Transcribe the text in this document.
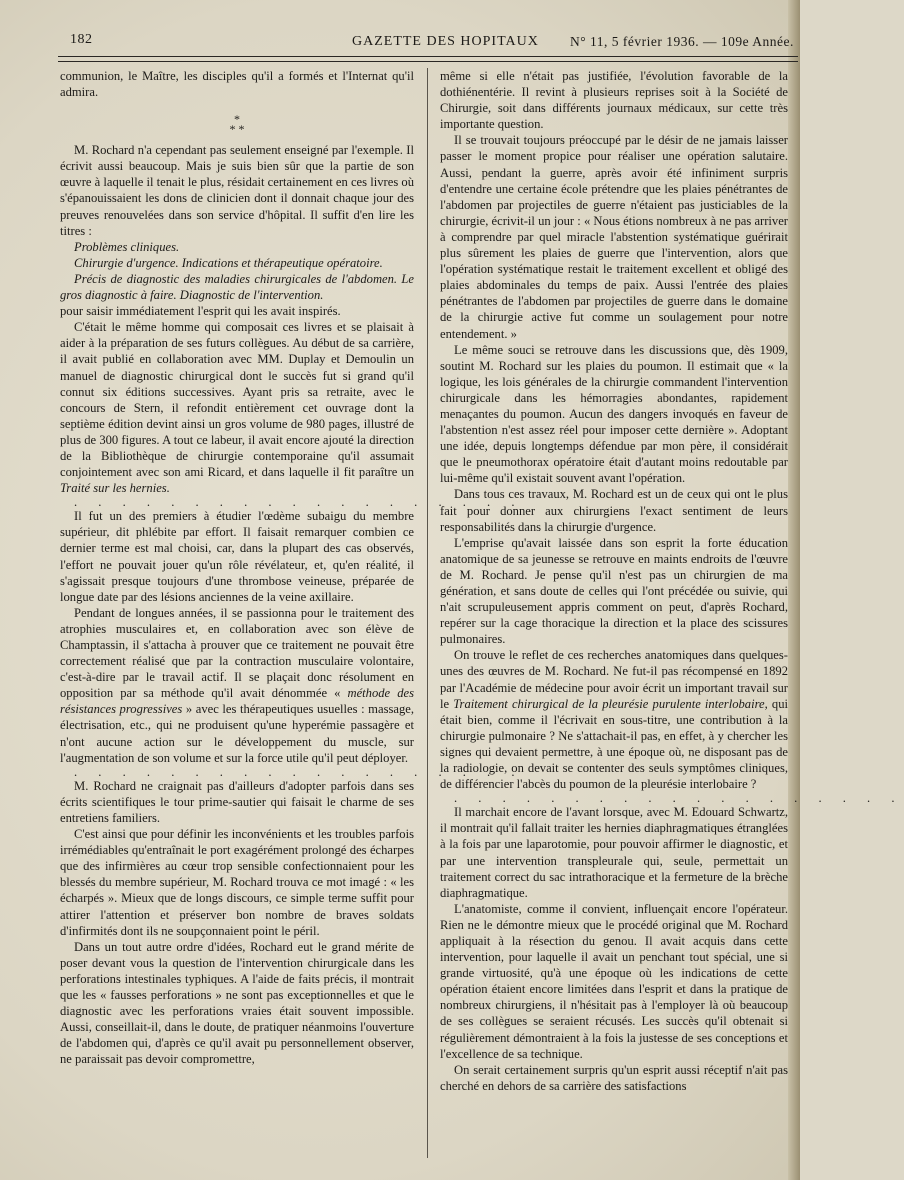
182	GAZETTE DES HOPITAUX N° 11, 5 février 1936. — 109e Année.

communion, le Maître, les disciples qu'il a formés et l'Internat qu'il admira.

*
* *

M. Rochard n'a cependant pas seulement enseigné par l'exemple. Il écrivit aussi beaucoup. Mais je suis bien sûr que la partie de son œuvre à laquelle il tenait le plus, résidait certainement en ces livres où s'épanouissaient les dons de clinicien dont il donnait chaque jour des preuves renouvelées dans son service d'hôpital. Il suffit d'en lire les titres :

Problèmes cliniques.

Chirurgie d'urgence. Indications et thérapeutique opératoire.

Précis de diagnostic des maladies chirurgicales de l'abdomen. Le gros diagnostic à faire. Diagnostic de l'intervention.

pour saisir immédiatement l'esprit qui les avait inspirés.

C'était le même homme qui composait ces livres et se plaisait à aider à la préparation de ses futurs collègues. Au début de sa carrière, il avait publié en collaboration avec MM. Duplay et Demoulin un manuel de diagnostic chirurgical dont le succès fut si grand qu'il connut six éditions successives. Ayant pris sa retraite, avec le concours de Stern, il refondit entièrement cet ouvrage dont la septième édition devint ainsi un gros volume de 980 pages, illustré de plus de 300 figures. A tout ce labeur, il avait encore ajouté la direction de la Bibliothèque de chirurgie contemporaine qu'il assumait conjointement avec son ami Ricard, et dans laquelle il fit paraître un Traité sur les hernies.

. . . . . . . . . . . . . . . . . . .

Il fut un des premiers à étudier l'œdème subaigu du membre supérieur, dit phlébite par effort. Il faisait remarquer combien ce dernier terme est mal choisi, car, dans la plupart des cas observés, l'effort ne pouvait jouer qu'un rôle révélateur, et, qu'en réalité, il s'agissait presque toujours d'une thrombose veineuse, préparée de longue date par des lésions anciennes de la veine axillaire.

Pendant de longues années, il se passionna pour le traitement des atrophies musculaires et, en collaboration avec son élève de Champtassin, il s'attacha à prouver que ce traitement ne pouvait être correctement réalisé que par la contraction musculaire volontaire, c'est-à-dire par le travail actif. Il se plaçait donc résolument en opposition par sa méthode qu'il avait dénommée « méthode des résistances progressives » avec les thérapeutiques usuelles : massage, électrisation, etc., qui ne produisent qu'une hyperémie passagère et n'ont aucune action sur le développement du muscle, sur l'augmentation de son volume et sur la force utile qu'il peut déployer.

. . . . . . . . . . . . . . . . . . .

M. Rochard ne craignait pas d'ailleurs d'adopter parfois dans ses écrits scientifiques le tour prime-sautier qui faisait le charme de ses entretiens familiers.

C'est ainsi que pour définir les inconvénients et les troubles parfois irrémédiables qu'entraînait le port exagérément prolongé des écharpes que des infirmières au cœur trop sensible confectionnaient pour les blessés du membre supérieur, M. Rochard trouva ce mot imagé : « les écharpés ». Mieux que de longs discours, ce simple terme suffit pour attirer l'attention et préserver bon nombre de braves soldats d'infirmités dont ils ne soupçonnaient point le péril.

Dans un tout autre ordre d'idées, Rochard eut le grand mérite de poser devant vous la question de l'intervention chirurgicale dans les perforations intestinales typhiques. A l'aide de faits précis, il montrait que les « fausses perforations » ne sont pas exceptionnelles et que le diagnostic avec les perforations vraies était souvent impossible. Aussi, conseillait-il, dans le doute, de pratiquer néanmoins l'ouverture de l'abdomen qui, d'après ce qu'il avait pu personnellement observer, ne paraissait pas devoir compromettre,

même si elle n'était pas justifiée, l'évolution favorable de la dothiénentérie. Il revint à plusieurs reprises soit à la Société de Chirurgie, soit dans différents journaux médicaux, sur cette très importante question.

Il se trouvait toujours préoccupé par le désir de ne jamais laisser passer le moment propice pour réaliser une opération salutaire. Aussi, pendant la guerre, après avoir été infiniment surpris d'entendre une certaine école prétendre que les plaies pénétrantes de l'abdomen par projectiles de guerre n'étaient pas justiciables de la chirurgie, écrivit-il un jour : « Nous étions nombreux à ne pas arriver à comprendre par quel miracle l'abstention systématique guérirait plus sûrement les plaies de guerre que l'intervention, alors que l'opération systématique restait le traitement excellent et obligé des plaies abdominales du temps de paix. Aussi l'entrée des plaies pénétrantes de l'abdomen par projectiles de guerre dans le domaine de la chirurgie active fut comme un soulagement pour notre entendement. »

Le même souci se retrouve dans les discussions que, dès 1909, soutint M. Rochard sur les plaies du poumon. Il estimait que « la logique, les lois générales de la chirurgie commandent l'intervention chirurgicale dans les hémorragies abondantes, rapidement menaçantes du poumon. Aucun des dangers invoqués en faveur de l'abstention n'est assez réel pour imposer cette dernière ». Adoptant une idée, depuis longtemps défendue par mon père, il considérait que le pneumothorax opératoire était d'autant moins redoutable par lui-même qu'il existait souvent avant l'opération.

Dans tous ces travaux, M. Rochard est un de ceux qui ont le plus fait pour donner aux chirurgiens l'exact sentiment de leurs responsabilités dans la chirurgie d'urgence.

L'emprise qu'avait laissée dans son esprit la forte éducation anatomique de sa jeunesse se retrouve en maints endroits de l'œuvre de M. Rochard. Je pense qu'il n'est pas un chirurgien de ma génération, et sans doute de celles qui l'ont précédée ou suivie, qui n'ait scrupuleusement appris comment on peut, d'après Rochard, repérer sur la cage thoracique la direction et la place des scissures pulmonaires.

On trouve le reflet de ces recherches anatomiques dans quelques-unes des œuvres de M. Rochard. Ne fut-il pas récompensé en 1892 par l'Académie de médecine pour avoir écrit un important travail sur le Traitement chirurgical de la pleurésie purulente interlobaire, qui était bien, comme il l'écrivait en sous-titre, une contribution à la chirurgie pulmonaire ? Ne s'attachait-il pas, en effet, à y chercher les signes qui devaient permettre, à une époque où, ne disposant pas de la radiologie, on devait se contenter des seuls symptômes cliniques, de différencier l'abcès du poumon de la pleurésie interlobaire ?

. . . . . . . . . . . . . . . . . . .

Il marchait encore de l'avant lorsque, avec M. Edouard Schwartz, il montrait qu'il fallait traiter les hernies diaphragmatiques étranglées à la fois par une laparotomie, pour pouvoir affirmer le diagnostic, et par une intervention transpleurale qui, seule, permettait un traitement correct du sac intrathoracique et la fermeture de la brèche diaphragmatique.

L'anatomiste, comme il convient, influençait encore l'opérateur. Rien ne le démontre mieux que le procédé original que M. Rochard appliquait à la résection du genou. Il avait acquis dans cette intervention, pour laquelle il avait un penchant tout spécial, une si grande virtuosité, qu'à une époque où les indications de cette opération étaient encore limitées dans l'esprit et dans la pratique de nombreux chirurgiens, il n'hésitait pas à l'employer là où beaucoup de ses collègues se seraient récusés. Les succès qu'il obtenait si régulièrement démontraient à la fois la justesse de ses conceptions et l'excellence de sa technique.

On serait certainement surpris qu'un esprit aussi réceptif n'ait pas cherché en dehors de sa carrière des satisfactions
